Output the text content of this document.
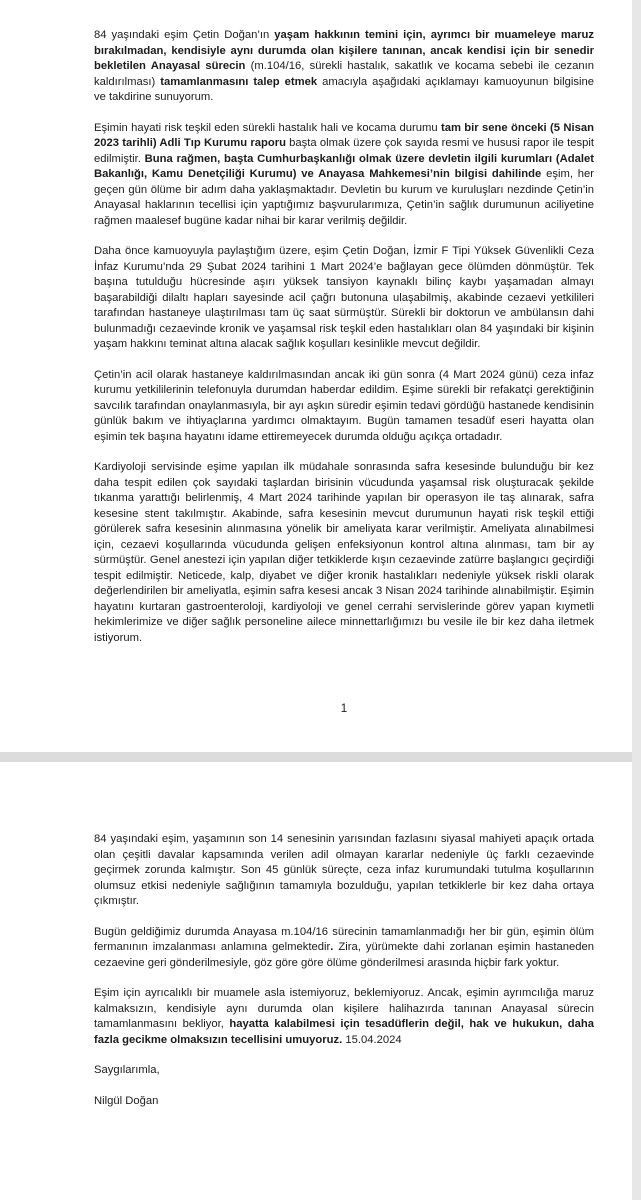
84 yaşındaki eşim Çetin Doğan’ın yaşam hakkının temini için, ayrımcı bir muameleye maruz bırakılmadan, kendisiyle aynı durumda olan kişilere tanınan, ancak kendisi için bir senedir bekletilen Anayasal sürecin (m.104/16, sürekli hastalık, sakatlık ve kocama sebebi ile cezanın kaldırılması) tamamlanmasını talep etmek amacıyla aşağıdaki açıklamayı kamuoyunun bilgisine ve takdirine sunuyorum.

Eşimin hayati risk teşkil eden sürekli hastalık hali ve kocama durumu tam bir sene önceki (5 Nisan 2023 tarihli) Adli Tıp Kurumu raporu başta olmak üzere çok sayıda resmi ve hususi rapor ile tespit edilmiştir. Buna rağmen, başta Cumhurbaşkanlığı olmak üzere devletin ilgili kurumları (Adalet Bakanlığı, Kamu Denetçiliği Kurumu) ve Anayasa Mahkemesi’nin bilgisi dahilinde eşim, her geçen gün ölüme bir adım daha yaklaşmaktadır. Devletin bu kurum ve kuruluşları nezdinde Çetin’in Anayasal haklarının tecellisi için yaptığımız başvurularımıza, Çetin’in sağlık durumunun aciliyetine rağmen maalesef bugüne kadar nihai bir karar verilmiş değildir.

Daha önce kamuoyuyla paylaştığım üzere, eşim Çetin Doğan, İzmir F Tipi Yüksek Güvenlikli Ceza İnfaz Kurumu’nda 29 Şubat 2024 tarihini 1 Mart 2024’e bağlayan gece ölümden dönmüştür. Tek başına tutulduğu hücresinde aşırı yüksek tansiyon kaynaklı bilinç kaybı yaşamadan almayı başarabildiği dilaltı hapları sayesinde acil çağrı butonuna ulaşabilmiş, akabinde cezaevi yetkilileri tarafından hastaneye ulaştırılması tam üç saat sürmüştür. Sürekli bir doktorun ve ambülansın dahi bulunmadığı cezaevinde kronik ve yaşamsal risk teşkil eden hastalıkları olan 84 yaşındaki bir kişinin yaşam hakkını teminat altına alacak sağlık koşulları kesinlikle mevcut değildir.

Çetin’in acil olarak hastaneye kaldırılmasından ancak iki gün sonra (4 Mart 2024 günü) ceza infaz kurumu yetkililerinin telefonuyla durumdan haberdar edildim. Eşime sürekli bir refakatçi gerektiğinin savcılık tarafından onaylanmasıyla, bir ayı aşkın süredir eşimin tedavi gördüğü hastanede kendisinin günlük bakım ve ihtiyaçlarına yardımcı olmaktayım. Bugün tamamen tesadüf eseri hayatta olan eşimin tek başına hayatını idame ettiremeyecek durumda olduğu açıkça ortadadır.

Kardiyoloji servisinde eşime yapılan ilk müdahale sonrasında safra kesesinde bulunduğu bir kez daha tespit edilen çok sayıdaki taşlardan birisinin vücudunda yaşamsal risk oluşturacak şekilde tıkanma yarattığı belirlenmiş, 4 Mart 2024 tarihinde yapılan bir operasyon ile taş alınarak, safra kesesine stent takılmıştır. Akabinde, safra kesesinin mevcut durumunun hayati risk teşkil ettiği görülerek safra kesesinin alınmasına yönelik bir ameliyata karar verilmiştir. Ameliyata alınabilmesi için, cezaevi koşullarında vücudunda gelişen enfeksiyonun kontrol altına alınması, tam bir ay sürmüştür. Genel anestezi için yapılan diğer tetkiklerde kışın cezaevinde zatürre başlangıcı geçirdiği tespit edilmiştir. Neticede, kalp, diyabet ve diğer kronik hastalıkları nedeniyle yüksek riskli olarak değerlendirilen bir ameliyatla, eşimin safra kesesi ancak 3 Nisan 2024 tarihinde alınabilmiştir. Eşimin hayatını kurtaran gastroenteroloji, kardiyoloji ve genel cerrahi servislerinde görev yapan kıymetli hekimlerimize ve diğer sağlık personeline ailece minnettarlığımızı bu vesile ile bir kez daha iletmek istiyorum.

1

84 yaşındaki eşim, yaşamının son 14 senesinin yarısından fazlasını siyasal mahiyeti apaçık ortada olan çeşitli davalar kapsamında verilen adil olmayan kararlar nedeniyle üç farklı cezaevinde geçirmek zorunda kalmıştır. Son 45 günlük süreçte, ceza infaz kurumundaki tutulma koşullarının olumsuz etkisi nedeniyle sağlığının tamamıyla bozulduğu, yapılan tetkiklerle bir kez daha ortaya çıkmıştır.

Bugün geldiğimiz durumda Anayasa m.104/16 sürecinin tamamlanmadığı her bir gün, eşimin ölüm fermanının imzalanması anlamına gelmektedir. Zira, yürümekte dahi zorlanan eşimin hastaneden cezaevine geri gönderilmesiyle, göz göre göre ölüme gönderilmesi arasında hiçbir fark yoktur.

Eşim için ayrıcalıklı bir muamele asla istemiyoruz, beklemiyoruz. Ancak, eşimin ayrımcılığa maruz kalmaksızın, kendisiyle aynı durumda olan kişilere halihazırda tanınan Anayasal sürecin tamamlanmasını bekliyor, hayatta kalabilmesi için tesadüflerin değil, hak ve hukukun, daha fazla gecikme olmaksızın tecellisini umuyoruz. 15.04.2024

Saygılarımla,

Nilgül Doğan
